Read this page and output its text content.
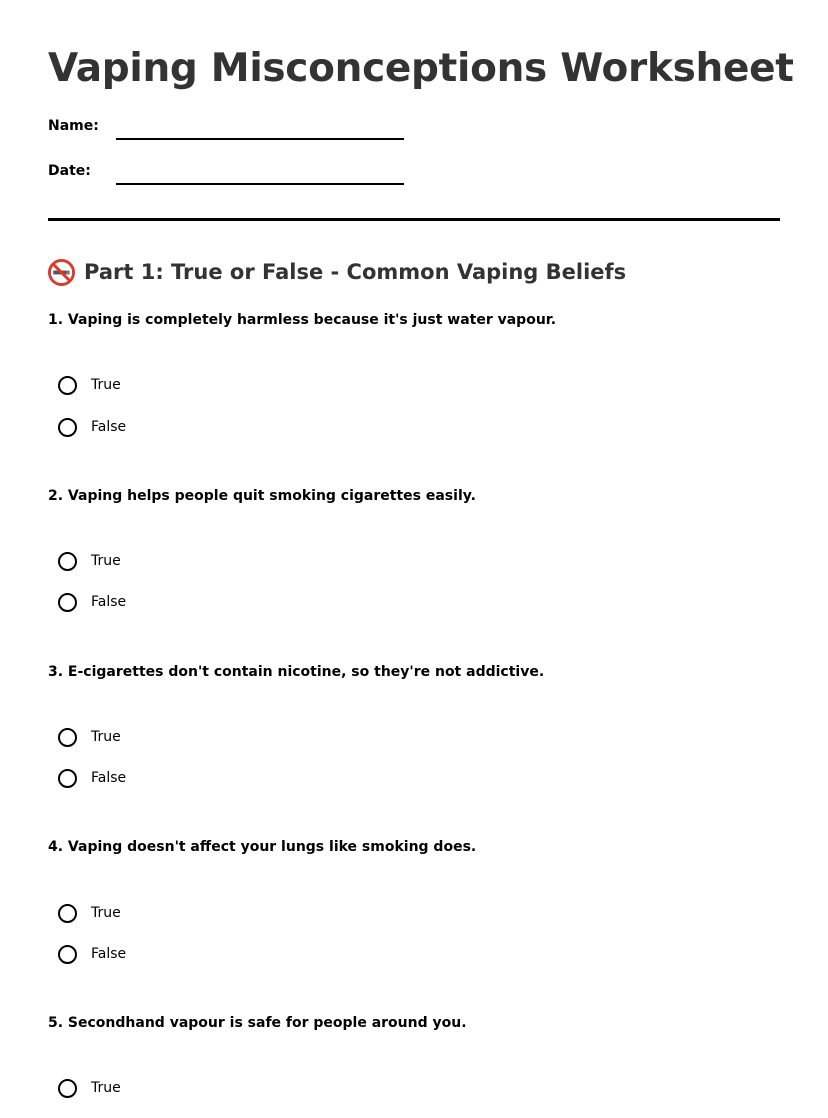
Vaping Misconceptions Worksheet
Name:
Date:
Part 1: True or False - Common Vaping Beliefs

1. Vaping is completely harmless because it's just water vapour.

True
False

2. Vaping helps people quit smoking cigarettes easily.

True
False

3. E-cigarettes don't contain nicotine, so they're not addictive.

True
False

4. Vaping doesn't affect your lungs like smoking does.

True
False

5. Secondhand vapour is safe for people around you.

True
